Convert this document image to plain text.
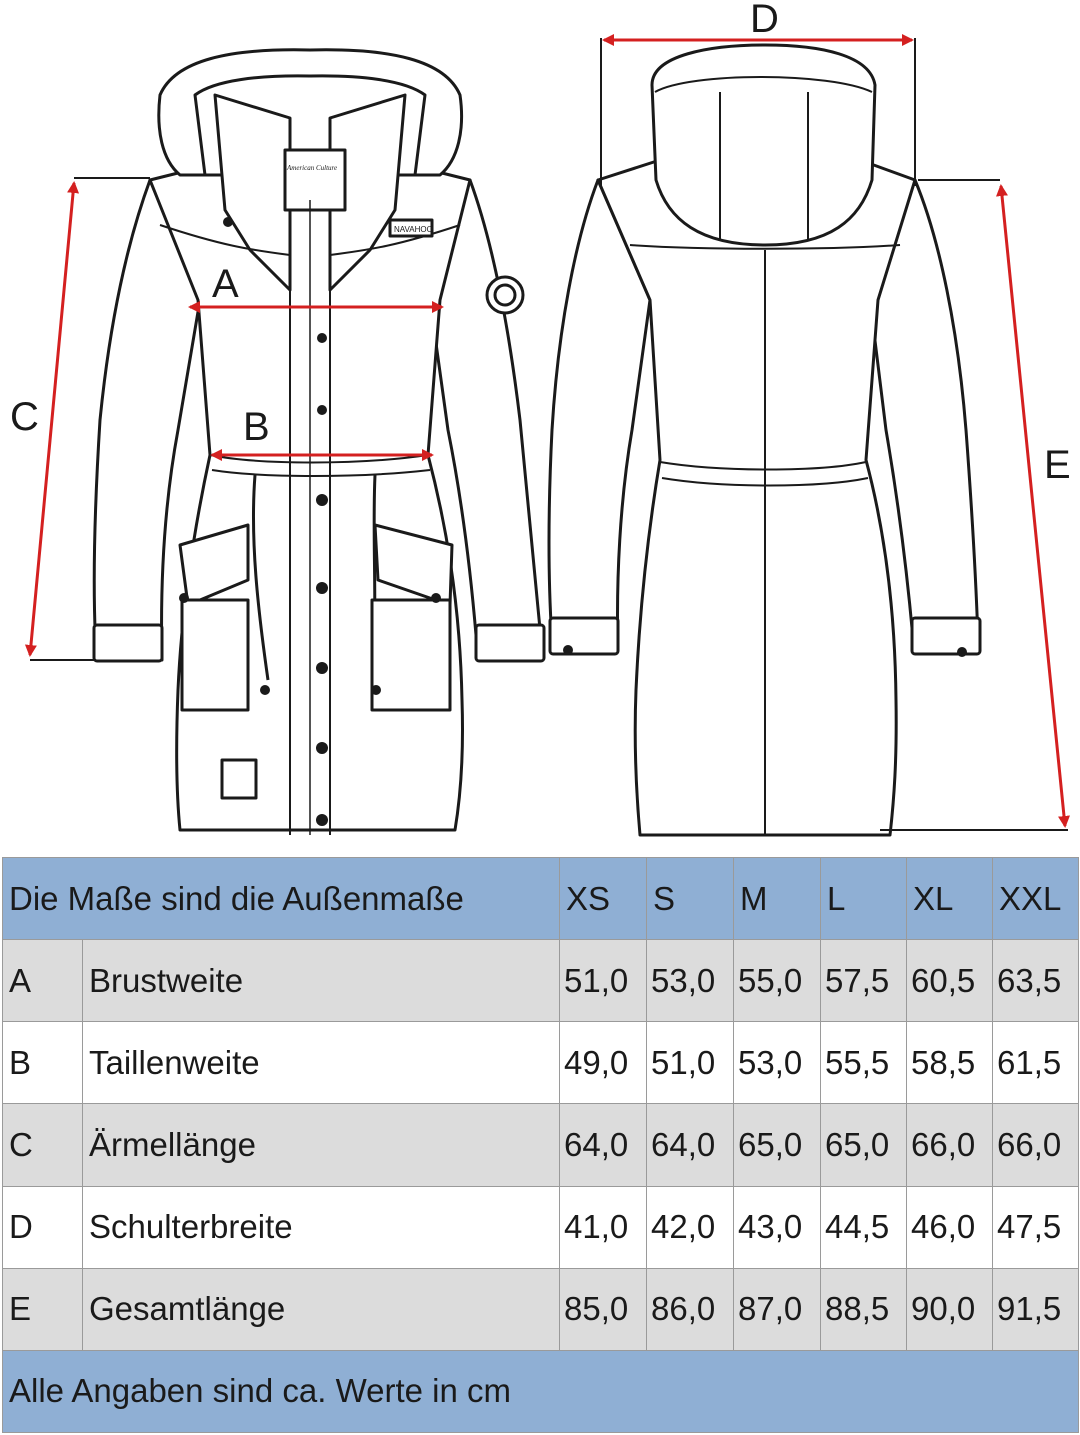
NAVAHOO
American Culture
A
B
C
D
E
Die Maße sind die Außenmaße		XS	S	M	L	XL	XXL
A	Brustweite	51,0	53,0	55,0	57,5	60,5	63,5
B	Taillenweite	49,0	51,0	53,0	55,5	58,5	61,5
C	Ärmellänge	64,0	64,0	65,0	65,0	66,0	66,0
D	Schulterbreite	41,0	42,0	43,0	44,5	46,0	47,5
E	Gesamtlänge	85,0	86,0	87,0	88,5	90,0	91,5
Alle Angaben sind ca. Werte in cm							
